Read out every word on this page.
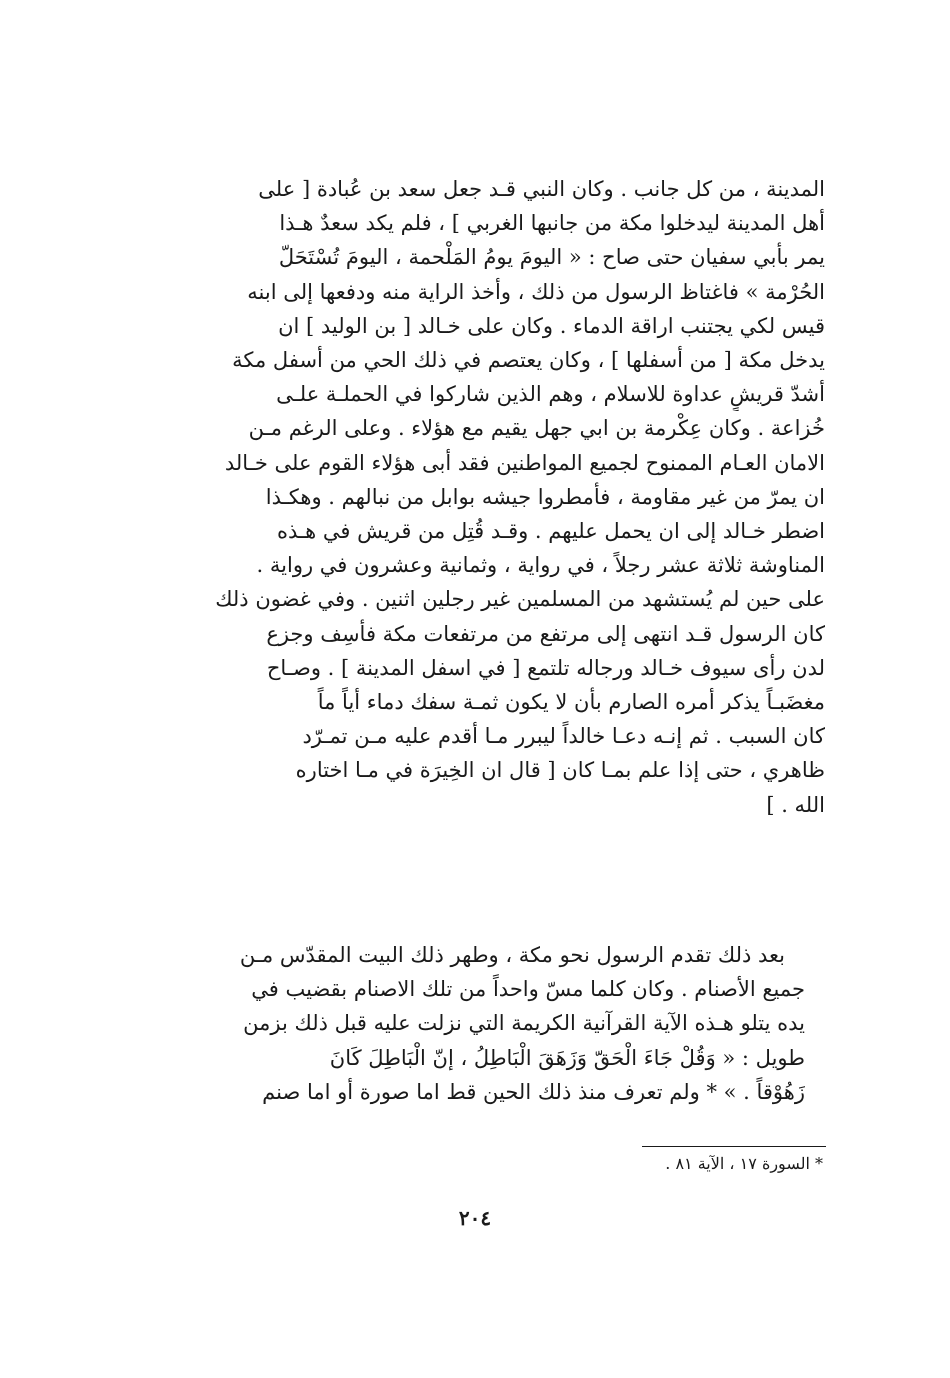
المدينة ، من كل جانب . وكان النبي قـد جعل سعد بن عُبادة [ على
أهل المدينة ليدخلوا مكة من جانبها الغربي ] ، فلم يكد سعدٌ هـذا
يمر بأبي سفيان حتى صاح : « اليومَ يومُ المَلْحمة ، اليومَ تُسْتَحَلّ
الحُرْمة » فاغتاظ الرسول من ذلك ، وأخذ الراية منه ودفعها إلى ابنه
قيس لكي يجتنب اراقة الدماء . وكان على خـالد [ بن الوليد ] ان
يدخل مكة [ من أسفلها ] ، وكان يعتصم في ذلك الحي من أسفل مكة
أشدّ قريشٍ عداوة للاسلام ، وهم الذين شاركوا في الحملـة علـى
خُزاعة . وكان عِكْرمة بن ابي جهل يقيم مع هؤلاء . وعلى الرغم مـن
الامان العـام الممنوح لجميع المواطنين فقد أبى هؤلاء القوم على خـالد
ان يمرّ من غير مقاومة ، فأمطروا جيشه بوابل من نبالهم . وهكـذا
اضطر خـالد إلى ان يحمل عليهم . وقـد قُتِل من قريش في هـذه
المناوشة ثلاثة عشر رجلاً ، في رواية ، وثمانية وعشرون في رواية .
على حين لم يُستشهد من المسلمين غير رجلين اثنين . وفي غضون ذلك
كان الرسول قـد انتهى إلى مرتفع من مرتفعات مكة فأسِف وجزع
لدن رأى سيوف خـالد ورجاله تلتمع [ في اسفل المدينة ] . وصـاح
مغضَبـاً يذكر أمره الصارم بأن لا يكون ثمـة سفك دماء أياً ماً
كان السبب . ثم إنـه دعـا خالداً ليبرر مـا أقدم عليه مـن تمـرّد
ظاهري ، حتى إذا علم بمـا كان [ قال ان الخِيرَة في مـا اختاره
الله . ]
بعد ذلك تقدم الرسول نحو مكة ، وطهر ذلك البيت المقدّس مـن
جميع الأصنام . وكان كلما مسّ واحداً من تلك الاصنام بقضيب في
يده يتلو هـذه الآية القرآنية الكريمة التي نزلت عليه قبل ذلك بزمن
طويل : « وَقُلْ جَاءَ الْحَقّ وَزَهَقَ الْبَاطِلُ ، إنّ الْبَاطِلَ كَانَ
زَهُوْقاً . » * ولم تعرف منذ ذلك الحين قط اما صورة أو اما صنم
* السورة ١٧ ، الآية ٨١ .
٢٠٤
